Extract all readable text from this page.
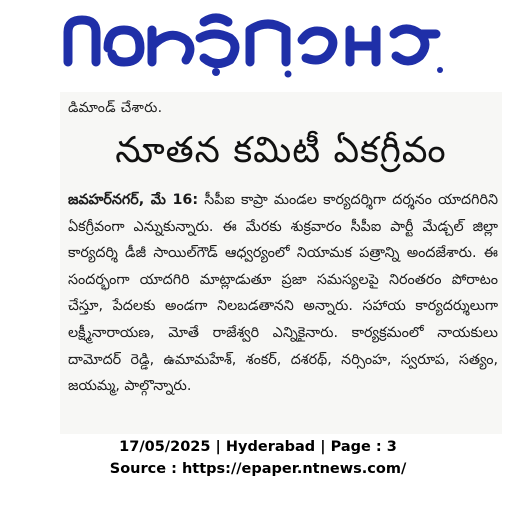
డిమాండ్ చేశారు.
నూతన కమిటీ ఏకగ్రీవం

జవహర్‌నగర్, మే 16: సీపీఐ కాప్రా మండల కార్యదర్శిగా దర్శనం యాదగిరిని ఏకగ్రీవంగా ఎన్నుకున్నారు. ఈ మేరకు శుక్రవారం సీపీఐ పార్టీ మేడ్చల్ జిల్లా కార్యదర్శి డీజీ సాయిల్‌గౌడ్ ఆధ్వర్యంలో నియామక పత్రాన్ని అందజేశారు. ఈ సందర్భంగా యాదగిరి మాట్లాడుతూ ప్రజా సమస్యలపై నిరంతరం పోరాటం చేస్తూ, పేదలకు అండగా నిలబడతానని అన్నారు. సహాయ కార్యదర్శులుగా లక్ష్మీనారాయణ, మోతే రాజేశ్వరి ఎన్నికైనారు. కార్యక్రమంలో నాయకులు దామోదర్ రెడ్డి, ఉమామహేశ్, శంకర్, దశరథ్, నర్సింహ, స్వరూప, సత్యం, జయమ్మ, పాల్గొన్నారు.

17/05/2025 | Hyderabad | Page : 3
Source : https://epaper.ntnews.com/
